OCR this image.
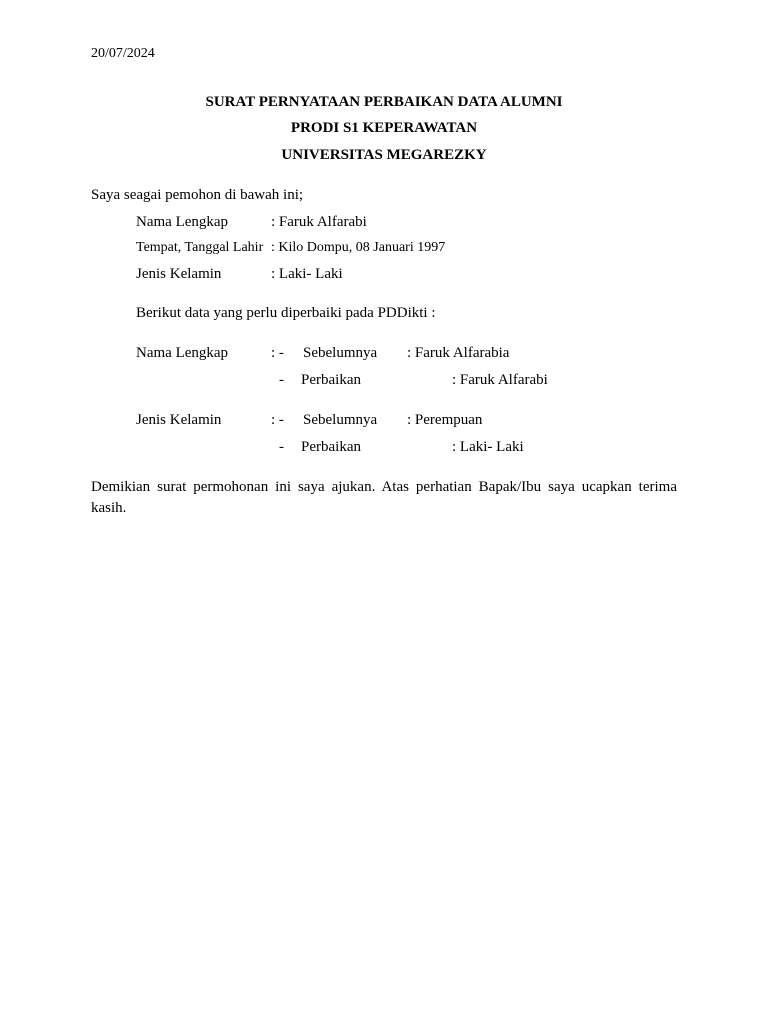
20/07/2024
SURAT PERNYATAAN PERBAIKAN DATA ALUMNI
PRODI S1 KEPERAWATAN
UNIVERSITAS MEGAREZKY
Saya seagai pemohon di bawah ini;
Nama Lengkap	: Faruk Alfarabi
Tempat, Tanggal Lahir : Kilo Dompu, 08 Januari 1997
Jenis Kelamin	: Laki- Laki
Berikut data yang perlu diperbaiki pada PDDikti :
Nama Lengkap	: - Sebelumnya : Faruk Alfarabia
- Perbaikan	: Faruk Alfarabi
Jenis Kelamin	: - Sebelumnya : Perempuan
- Perbaikan	: Laki- Laki
Demikian surat permohonan ini saya ajukan. Atas perhatian Bapak/Ibu saya ucapkan terima kasih.
